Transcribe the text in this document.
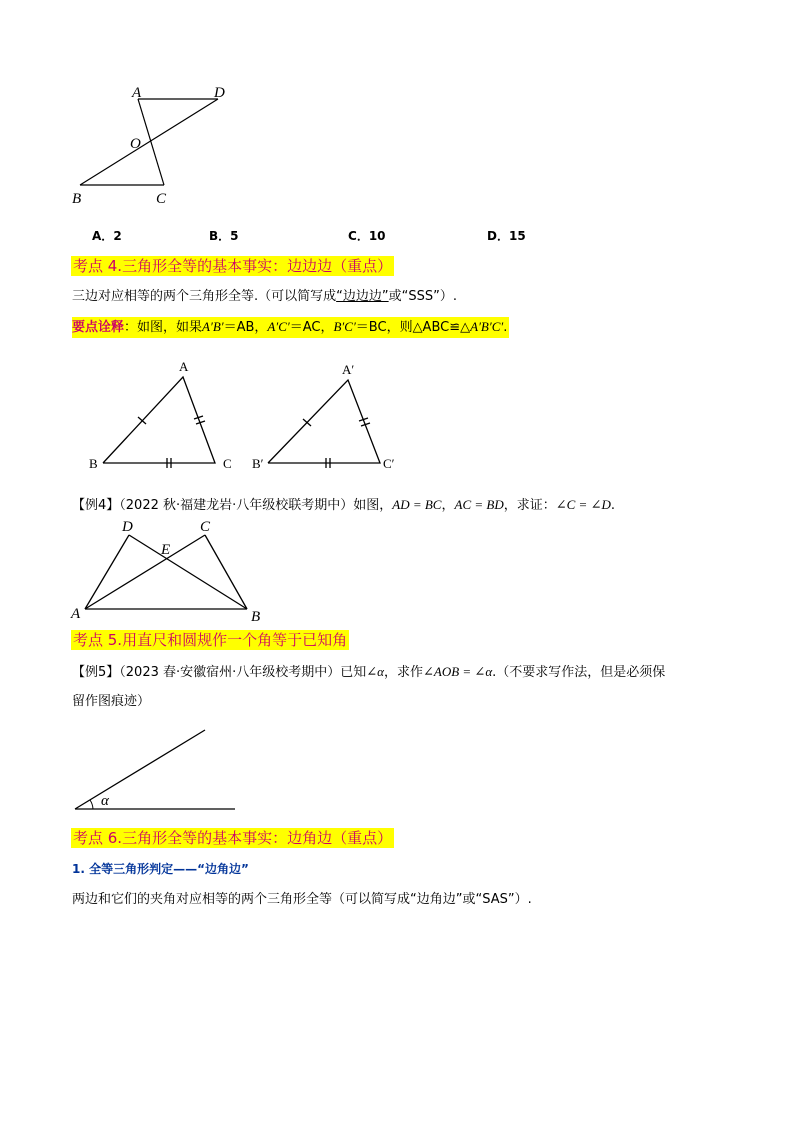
A	D
O
B	C
A．2	B．5	C．10	D．15
考点 4.三角形全等的基本事实：边边边（重点）
三边对应相等的两个三角形全等.（可以简写成“边边边”或“SSS”）.
要点诠释：如图，如果A′B′＝AB，A′C′＝AC，B′C′＝BC，则△ABC≌△A′B′C′.
A
B	C
A′
B′	C′
【例4】（2022 秋·福建龙岩·八年级校联考期中）如图，AD = BC，AC = BD，求证：∠C = ∠D.
D	C
E
A	B
考点 5.用直尺和圆规作一个角等于已知角
【例5】（2023 春·安徽宿州·八年级校考期中）已知∠α，求作∠AOB = ∠α.（不要求写作法，但是必须保
留作图痕迹）
α
考点 6.三角形全等的基本事实：边角边（重点）
1. 全等三角形判定——“边角边”
两边和它们的夹角对应相等的两个三角形全等（可以简写成“边角边”或“SAS”）.
